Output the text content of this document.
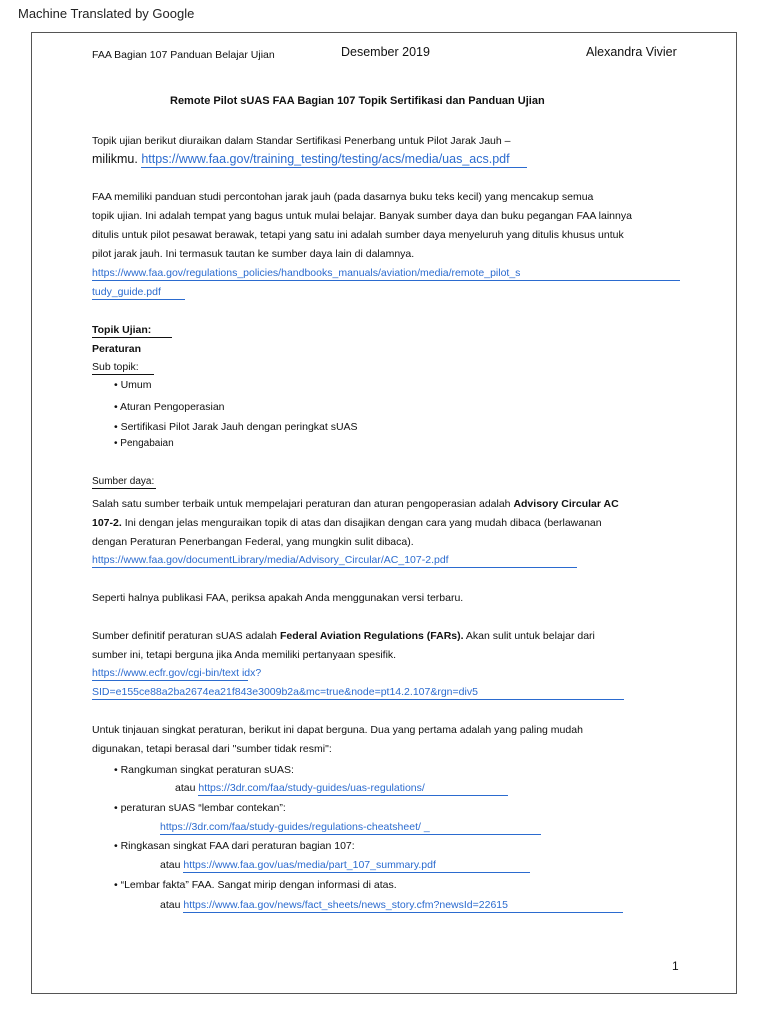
Machine Translated by Google
FAA Bagian 107 Panduan Belajar Ujian	Desember 2019	Alexandra Vivier
Remote Pilot sUAS FAA Bagian 107 Topik Sertifikasi dan Panduan Ujian
Topik ujian berikut diuraikan dalam Standar Sertifikasi Penerbang untuk Pilot Jarak Jauh –
milikmu. https://www.faa.gov/training_testing/testing/acs/media/uas_acs.pdf
FAA memiliki panduan studi percontohan jarak jauh (pada dasarnya buku teks kecil) yang mencakup semua
topik ujian. Ini adalah tempat yang bagus untuk mulai belajar. Banyak sumber daya dan buku pegangan FAA lainnya
ditulis untuk pilot pesawat berawak, tetapi yang satu ini adalah sumber daya menyeluruh yang ditulis khusus untuk
pilot jarak jauh. Ini termasuk tautan ke sumber daya lain di dalamnya.
https://www.faa.gov/regulations_policies/handbooks_manuals/aviation/media/remote_pilot_s
tudy_guide.pdf
Topik Ujian:
Peraturan
Sub topik:
• Umum
• Aturan Pengoperasian
• Sertifikasi Pilot Jarak Jauh dengan peringkat sUAS
• Pengabaian
Sumber daya:
Salah satu sumber terbaik untuk mempelajari peraturan dan aturan pengoperasian adalah Advisory Circular AC
107-2. Ini dengan jelas menguraikan topik di atas dan disajikan dengan cara yang mudah dibaca (berlawanan
dengan Peraturan Penerbangan Federal, yang mungkin sulit dibaca).
https://www.faa.gov/documentLibrary/media/Advisory_Circular/AC_107-2.pdf
Seperti halnya publikasi FAA, periksa apakah Anda menggunakan versi terbaru.
Sumber definitif peraturan sUAS adalah Federal Aviation Regulations (FARs). Akan sulit untuk belajar dari
sumber ini, tetapi berguna jika Anda memiliki pertanyaan spesifik.
https://www.ecfr.gov/cgi-bin/text idx?
SID=e155ce88a2ba2674ea21f843e3009b2a&mc=true&node=pt14.2.107&rgn=div5
Untuk tinjauan singkat peraturan, berikut ini dapat berguna. Dua yang pertama adalah yang paling mudah
digunakan, tetapi berasal dari "sumber tidak resmi":
• Rangkuman singkat peraturan sUAS:
atau https://3dr.com/faa/study-guides/uas-regulations/
• peraturan sUAS “lembar contekan”:
https://3dr.com/faa/study-guides/regulations-cheatsheet/ _
• Ringkasan singkat FAA dari peraturan bagian 107:
atau https://www.faa.gov/uas/media/part_107_summary.pdf
• “Lembar fakta” FAA. Sangat mirip dengan informasi di atas.
atau https://www.faa.gov/news/fact_sheets/news_story.cfm?newsId=22615
1
